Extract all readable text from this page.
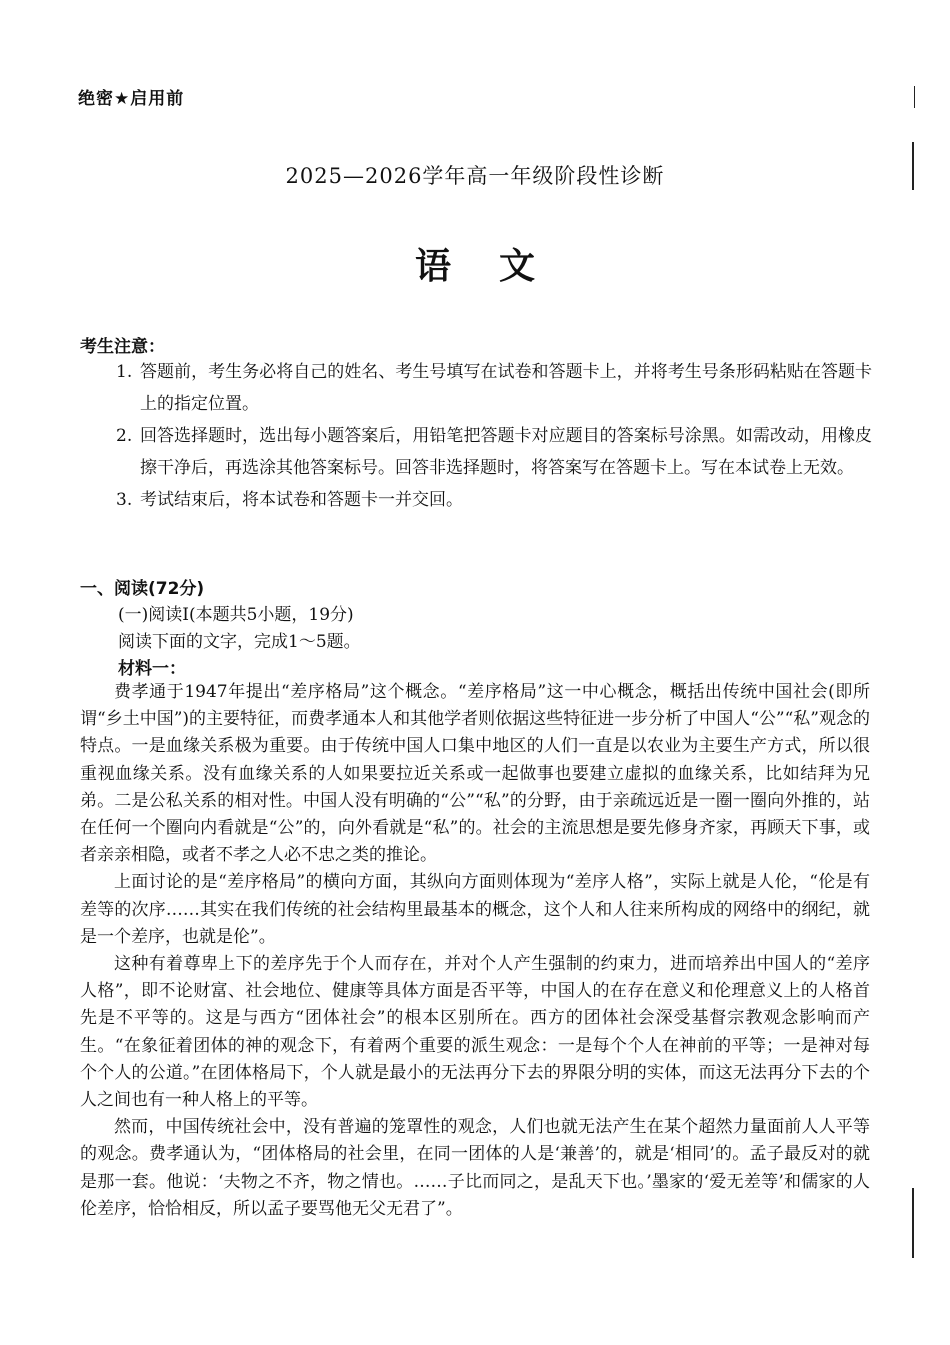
绝密★启用前
2025—2026学年高一年级阶段性诊断
语文
考生注意：
1. 答题前，考生务必将自己的姓名、考生号填写在试卷和答题卡上，并将考生号条形码粘贴在答题卡上的指定位置。
2. 回答选择题时，选出每小题答案后，用铅笔把答题卡对应题目的答案标号涂黑。如需改动，用橡皮擦干净后，再选涂其他答案标号。回答非选择题时，将答案写在答题卡上。写在本试卷上无效。
3. 考试结束后，将本试卷和答题卡一并交回。
一、阅读(72分)
(一)阅读Ⅰ(本题共5小题，19分)
阅读下面的文字，完成1～5题。
材料一：

费孝通于1947年提出“差序格局”这个概念。“差序格局”这一中心概念，概括出传统中国社会(即所谓“乡土中国”)的主要特征，而费孝通本人和其他学者则依据这些特征进一步分析了中国人“公”“私”观念的特点。一是血缘关系极为重要。由于传统中国人口集中地区的人们一直是以农业为主要生产方式，所以很重视血缘关系。没有血缘关系的人如果要拉近关系或一起做事也要建立虚拟的血缘关系，比如结拜为兄弟。二是公私关系的相对性。中国人没有明确的“公”“私”的分野，由于亲疏远近是一圈一圈向外推的，站在任何一个圈向内看就是“公”的，向外看就是“私”的。社会的主流思想是要先修身齐家，再顾天下事，或者亲亲相隐，或者不孝之人必不忠之类的推论。

上面讨论的是“差序格局”的横向方面，其纵向方面则体现为“差序人格”，实际上就是人伦，“伦是有差等的次序……其实在我们传统的社会结构里最基本的概念，这个人和人往来所构成的网络中的纲纪，就是一个差序，也就是伦”。

这种有着尊卑上下的差序先于个人而存在，并对个人产生强制的约束力，进而培养出中国人的“差序人格”，即不论财富、社会地位、健康等具体方面是否平等，中国人的在存在意义和伦理意义上的人格首先是不平等的。这是与西方“团体社会”的根本区别所在。西方的团体社会深受基督宗教观念影响而产生。“在象征着团体的神的观念下，有着两个重要的派生观念：一是每个个人在神前的平等；一是神对每个个人的公道。”在团体格局下，个人就是最小的无法再分下去的界限分明的实体，而这无法再分下去的个人之间也有一种人格上的平等。

然而，中国传统社会中，没有普遍的笼罩性的观念，人们也就无法产生在某个超然力量面前人人平等的观念。费孝通认为，“团体格局的社会里，在同一团体的人是‘兼善’的，就是‘相同’的。孟子最反对的就是那一套。他说：‘夫物之不齐，物之情也。……子比而同之，是乱天下也。’墨家的‘爱无差等’和儒家的人伦差序，恰恰相反，所以孟子要骂他无父无君了”。
